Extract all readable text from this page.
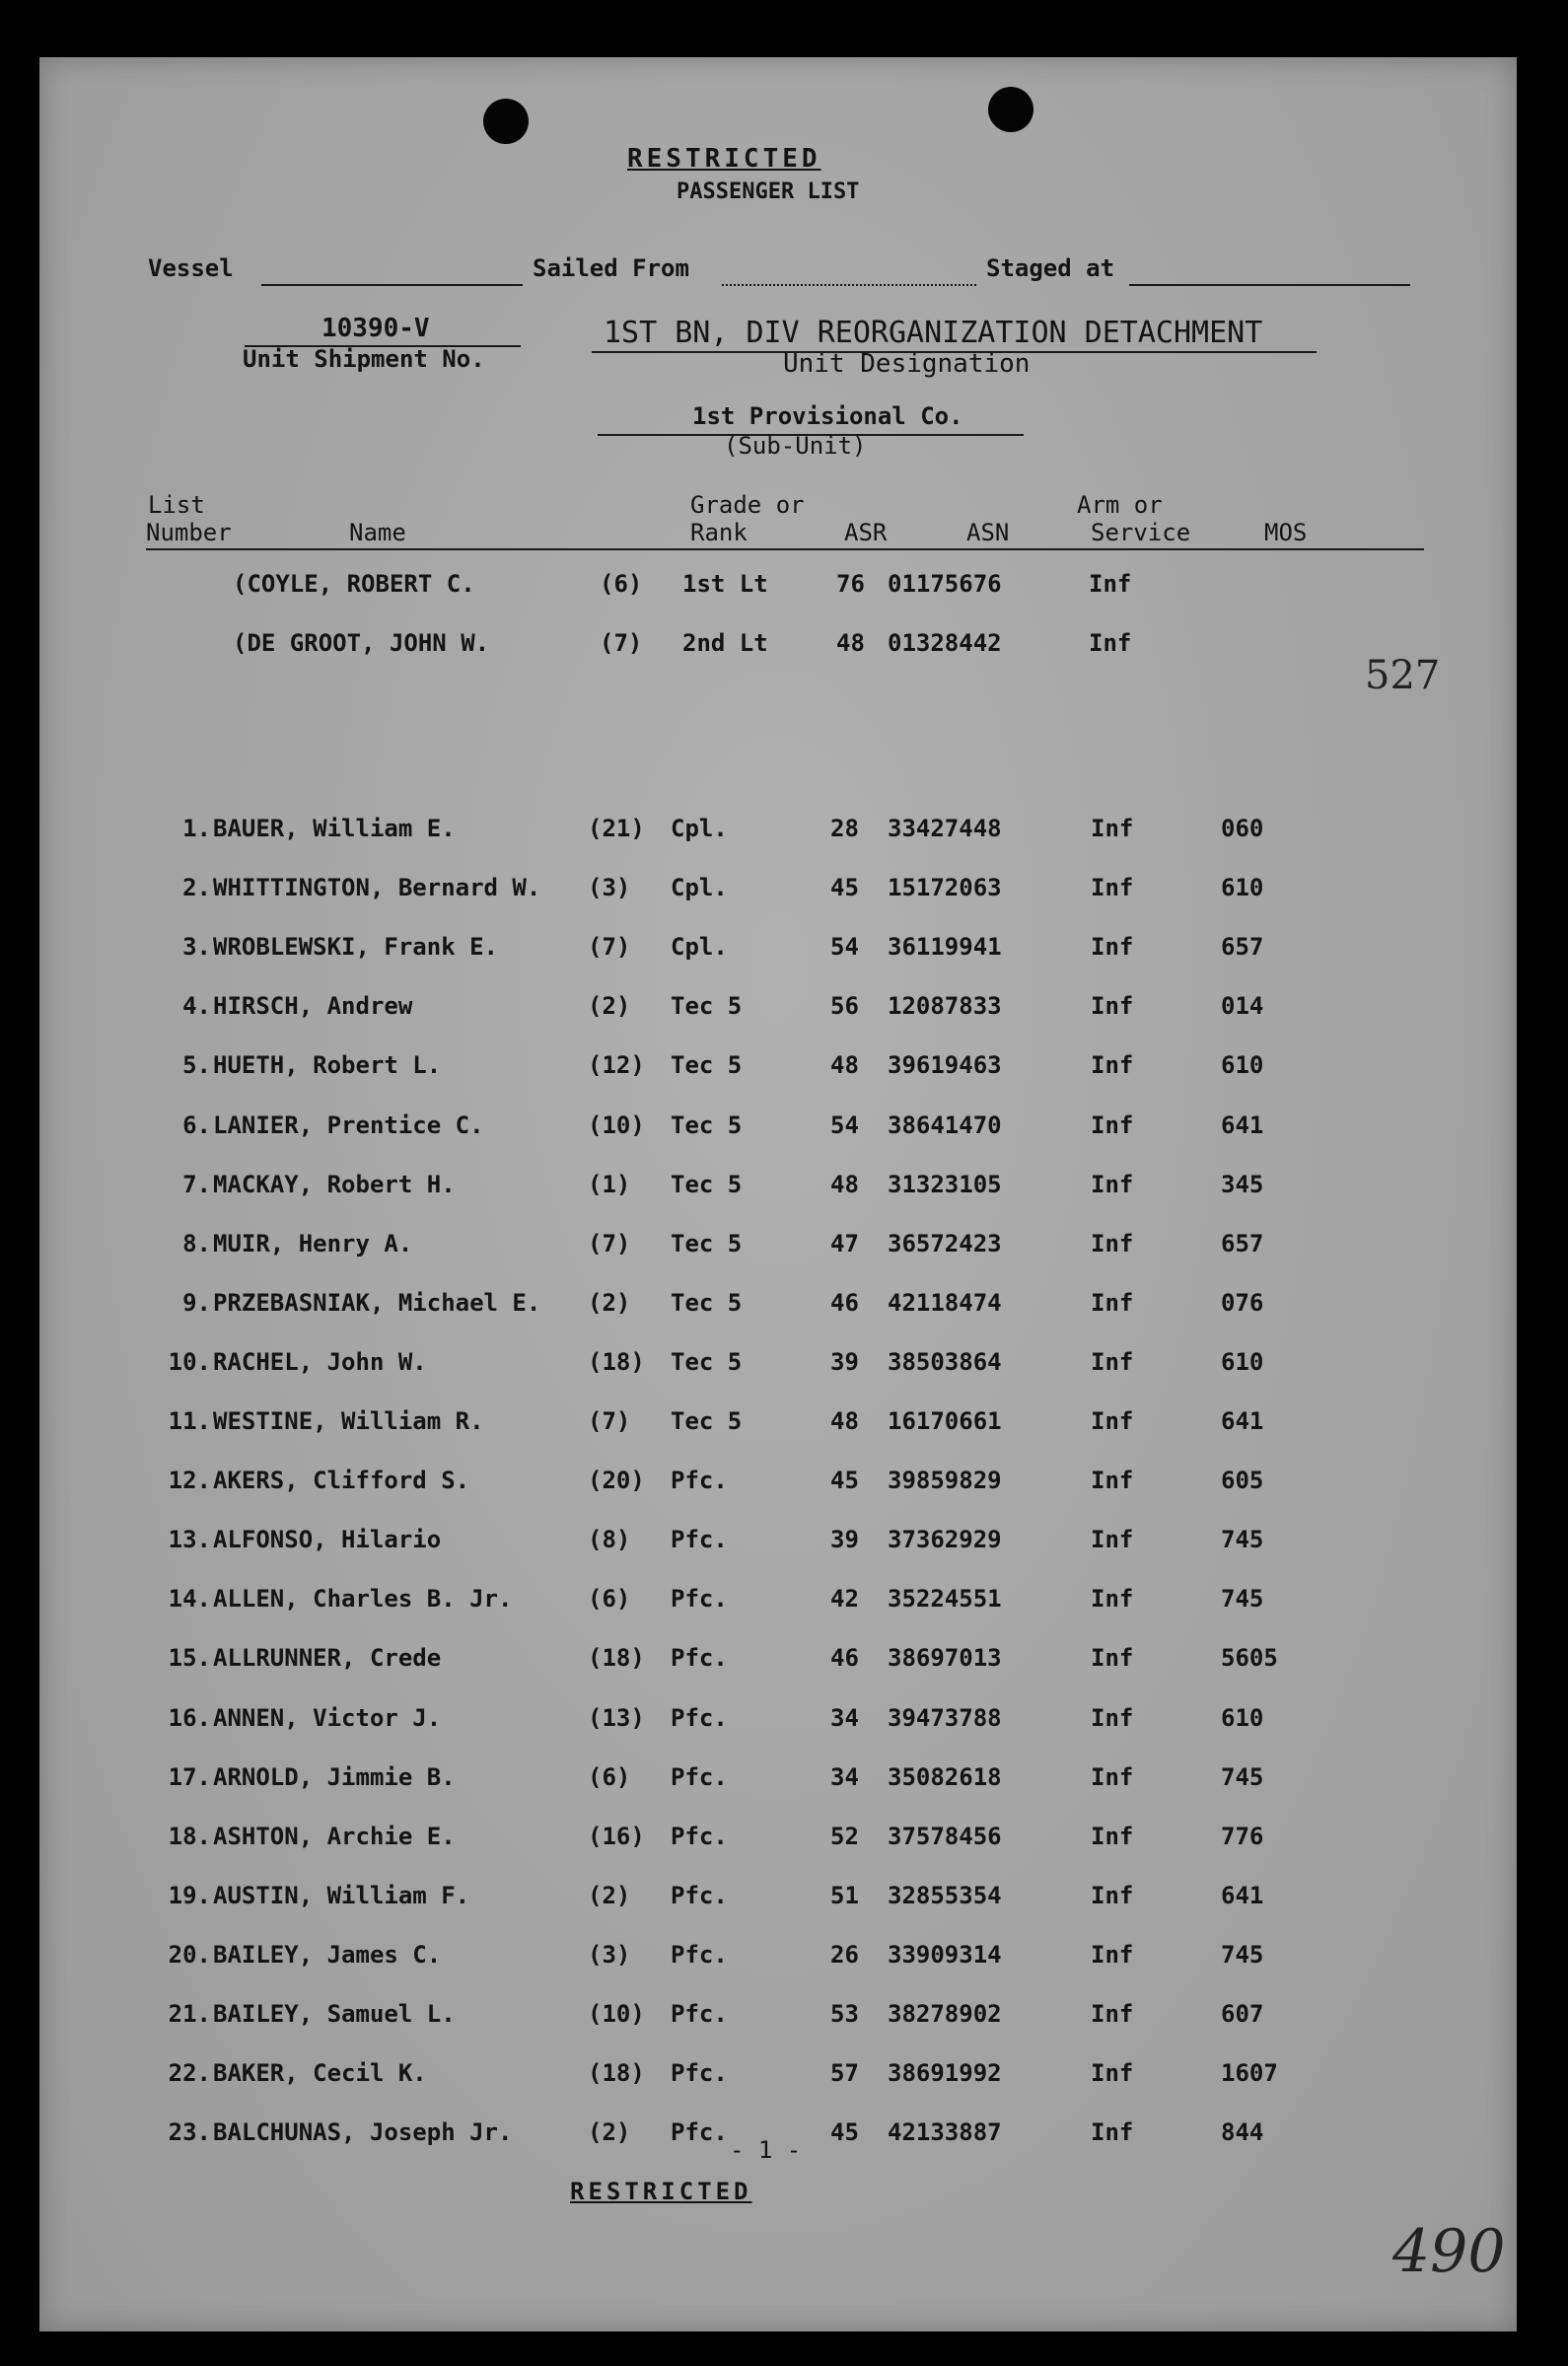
RESTRICTED
PASSENGER LIST
Vessel	Sailed From	Staged at
10390-V
Unit Shipment No.
1ST BN, DIV REORGANIZATION DETACHMENT
Unit Designation
1st Provisional Co.
(Sub-Unit)
List
Number	Name
Grade or
Rank	ASR	ASN
Arm or
Service	MOS
(COYLE, ROBERT C.	(6) 1st Lt	76 01175676	Inf
(DE GROOT, JOHN W.	(7) 2nd Lt	48 01328442	Inf
527
1. BAUER, William E.	(21) Cpl.	28 33427448	Inf	060
2. WHITTINGTON, Bernard W. (3) Cpl.	45 15172063	Inf	610
3. WROBLEWSKI, Frank E.	(7) Cpl.	54 36119941	Inf	657
4. HIRSCH, Andrew	(2) Tec 5	56 12087833	Inf	014
5. HUETH, Robert L.	(12) Tec 5	48 39619463	Inf	610
6. LANIER, Prentice C.	(10) Tec 5	54 38641470	Inf	641
7. MACKAY, Robert H.	(1) Tec 5	48 31323105	Inf	345
8. MUIR, Henry A.	(7) Tec 5	47 36572423	Inf	657
9. PRZEBASNIAK, Michael E. (2) Tec 5	46 42118474	Inf	076
10. RACHEL, John W.	(18) Tec 5	39 38503864	Inf	610
11. WESTINE, William R.	(7) Tec 5	48 16170661	Inf	641
12. AKERS, Clifford S.	(20) Pfc.	45 39859829	Inf	605
13. ALFONSO, Hilario	(8) Pfc.	39 37362929	Inf	745
14. ALLEN, Charles B. Jr.	(6) Pfc.	42 35224551	Inf	745
15. ALLRUNNER, Crede	(18) Pfc.	46 38697013	Inf	5605
16. ANNEN, Victor J.	(13) Pfc.	34 39473788	Inf	610
17. ARNOLD, Jimmie B.	(6) Pfc.	34 35082618	Inf	745
18. ASHTON, Archie E.	(16) Pfc.	52 37578456	Inf	776
19. AUSTIN, William F.	(2) Pfc.	51 32855354	Inf	641
20. BAILEY, James C.	(3) Pfc.	26 33909314	Inf	745
21. BAILEY, Samuel L.	(10) Pfc.	53 38278902	Inf	607
22. BAKER, Cecil K.	(18) Pfc.	57 38691992	Inf	1607
23. BALCHUNAS, Joseph Jr.	(2) Pfc.	45 42133887	Inf	844
- 1 -
RESTRICTED
490
